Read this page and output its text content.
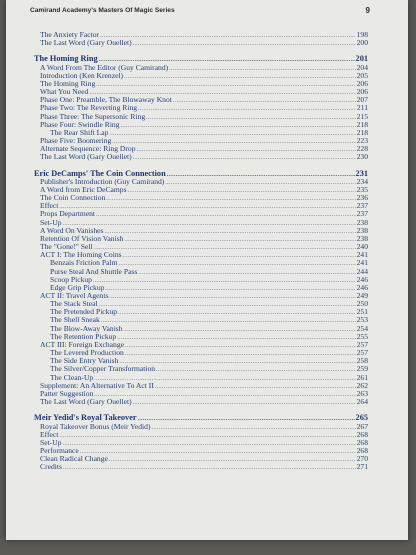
Camirand Academy's Masters Of Magic Series	9
The Anxiety Factor .....	198
The Last Word (Gary Ouellet) .....	200
The Homing Ring .....	201
A Word From The Editor (Guy Camirand) .....	204
Introduction (Ken Krenzel) .....	205
The Homing Ring .....	206
What You Need .....	206
Phase One: Preamble, The Blowaway Knot .....	207
Phase Two: The Reverting Ring .....	211
Phase Three: The Supersonic Ring .....	215
Phase Four: Swindle Ring .....	218
The Rear Shift Lap .....	218
Phase Five: Boomering .....	223
Alternate Sequence: Ring Drop .....	228
The Last Word (Gary Ouellet) .....	230
Eric DeCamps' The Coin Connection .....	231
Publisher's Introduction (Guy Camirand) .....	234
A Word from Eric DeCamps .....	235
The Coin Connection .....	236
Effect .....	237
Props Department .....	237
Set-Up .....	238
A Word On Vanishes .....	238
Retention Of Vision Vanish .....	238
The "Gone!" Sell .....	240
ACT I: The Homing Coins .....	241
Benzais Friction Palm .....	241
Purse Steal And Shuttle Pass .....	244
Scoop Pickup .....	246
Edge Grip Pickup .....	246
ACT II: Travel Agents .....	249
The Stack Steal .....	250
The Pretended Pickup .....	251
The Shell Sneak .....	253
The Blow-Away Vanish .....	254
The Retention Pickup .....	255
ACT III: Foreign Exchange .....	257
The Levered Production .....	257
The Side Entry Vanish .....	258
The Silver/Copper Transformation .....	259
The Clean-Up .....	261
Supplement: An Alternative To Act II .....	262
Patter Suggestion .....	263
The Last Word (Gary Ouellet) .....	264
Meir Yedid's Royal Takeover .....	265
Royal Takeover Bonus (Meir Yedid) .....	267
Effect .....	268
Set-Up .....	268
Performance .....	268
Clean Radical Change .....	270
Credits .....	271
